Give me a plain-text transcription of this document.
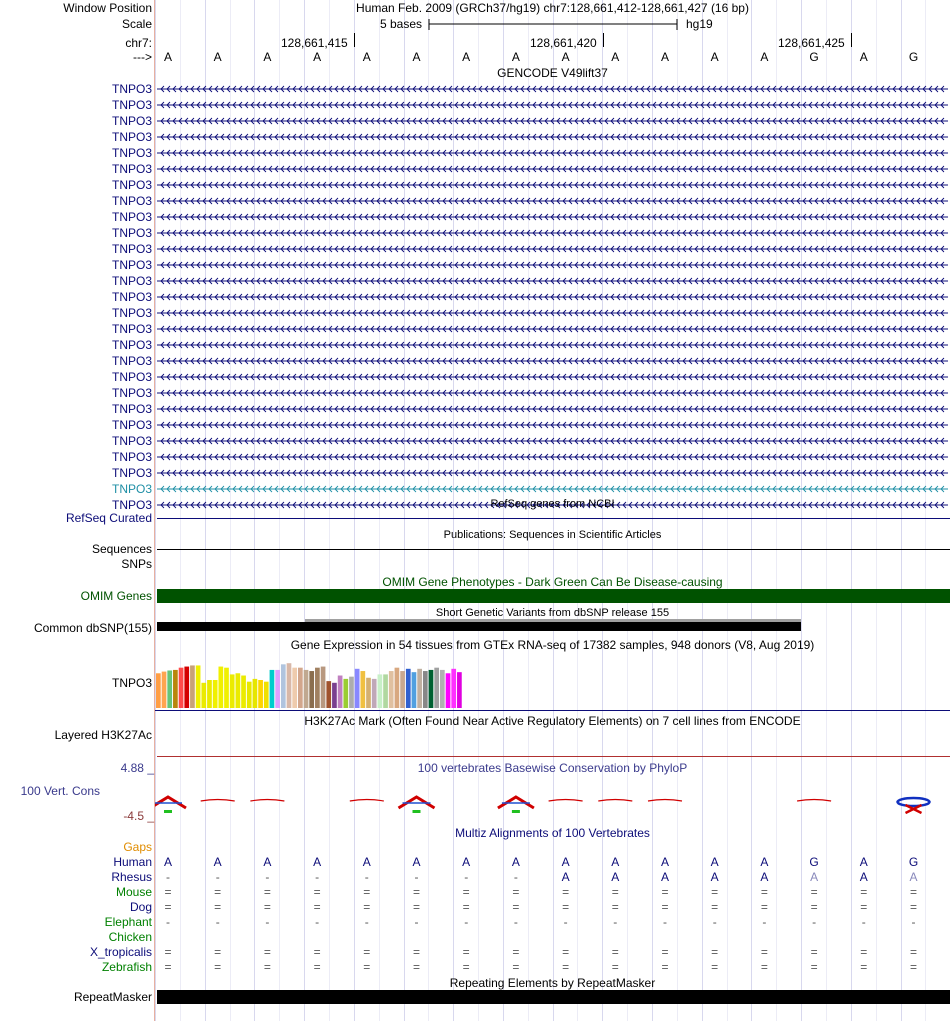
Window Position	Human Feb. 2009 (GRCh37/hg19) chr7:128,661,412-128,661,427 (16 bp)
Scale	5 bases	hg19
chr7:	128,661,415	128,661,420	128,661,425
---> A	A	A	A	A	A	A	A	A	A	A	A	A	G	A	G
GENCODE V49lift37
TNPO3
TNPO3
TNPO3
TNPO3
TNPO3
TNPO3
TNPO3
TNPO3
TNPO3
TNPO3
TNPO3
TNPO3
TNPO3
TNPO3
TNPO3
TNPO3
TNPO3
TNPO3
TNPO3
TNPO3
TNPO3
TNPO3
TNPO3
TNPO3
TNPO3
TNPO3
TNPO3	RefSeq genes from NCBI
RefSeq Curated
Publications: Sequences in Scientific Articles
Sequences
SNPs
OMIM Gene Phenotypes - Dark Green Can Be Disease-causing
OMIM Genes
Short Genetic Variants from dbSNP release 155
Common dbSNP(155)
Gene Expression in 54 tissues from GTEx RNA-seq of 17382 samples, 948 donors (V8, Aug 2019)
TNPO3
H3K27Ac Mark (Often Found Near Active Regulatory Elements) on 7 cell lines from ENCODE
Layered H3K27Ac
4.88 _	100 vertebrates Basewise Conservation by PhyloP
100 Vert. Cons
-4.5 _
Multiz Alignments of 100 Vertebrates
Gaps
Human A	A	A	A	A	A	A	A	A	A	A	A	A	G	A	G
Rhesus	-	-	-	-	-	-	-	-	A	A	A	A	A	A	A	A
Mouse	=	=	=	=	=	=	=	=	=	=	=	=	=	=	=	=
Dog	=	=	=	=	=	=	=	=	=	=	=	=	=	=	=	=
Elephant	-	-	-	-	-	-	-	-	-	-	-	-	-	-	-	-
Chicken
X_tropicalis	=	=	=	=	=	=	=	=	=	=	=	=	=	=	=	=
Zebrafish	=	=	=	=	=	=	=	=	=	=	=	=	=	=	=	=
Repeating Elements by RepeatMasker
RepeatMasker
